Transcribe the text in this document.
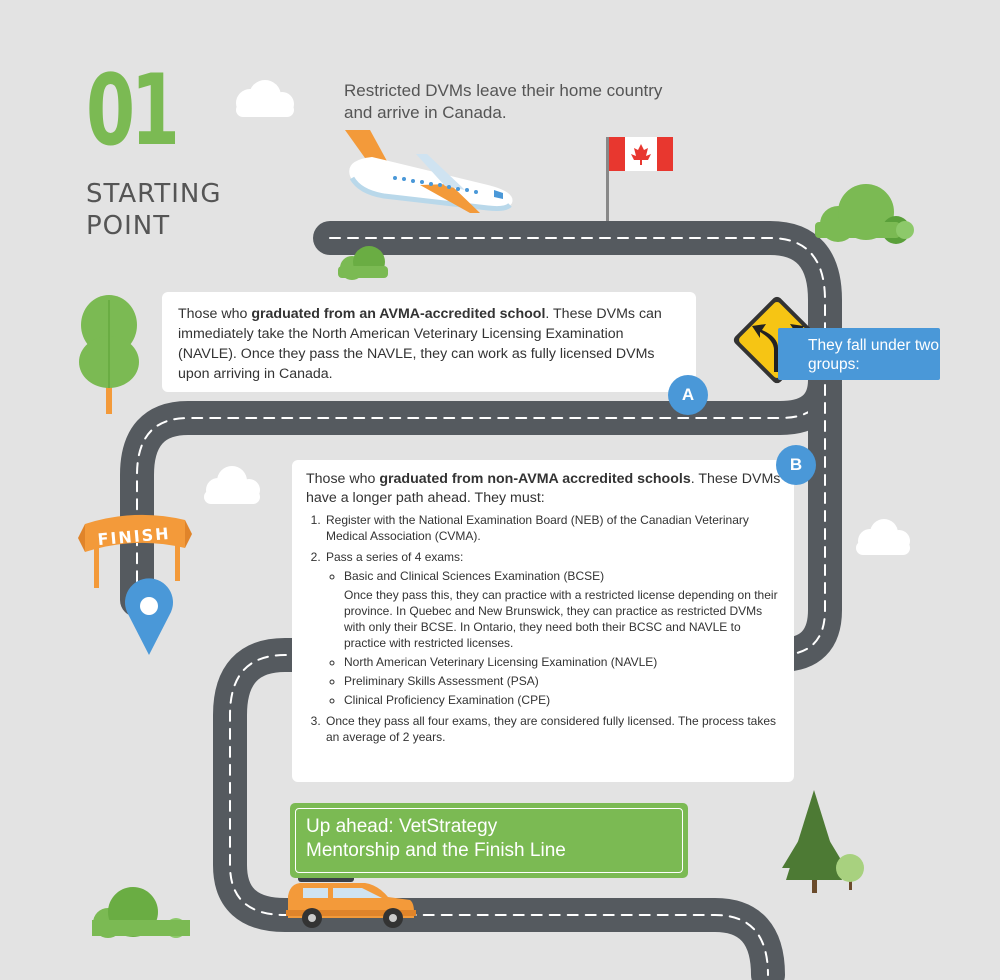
FINISH
01
STARTING
POINT
Restricted DVMs leave their home country and arrive in Canada.
Those who graduated from an AVMA-accredited school. These DVMs can immediately take the North American Veterinary Licensing Examination (NAVLE). Once they pass the NAVLE, they can work as fully licensed DVMs upon arriving in Canada.
A
They fall under two groups:

Those who graduated from non-AVMA accredited schools. These DVMs have a longer path ahead. They must:

1. Register with the National Examination Board (NEB) of the Canadian Veterinary Medical Association (CVMA).
2. Pass a series of 4 exams:
◦ Basic and Clinical Sciences Examination (BCSE)
Once they pass this, they can practice with a restricted license depending on their province. In Quebec and New Brunswick, they can practice as restricted DVMs with only their BCSE. In Ontario, they need both their BCSC and NAVLE to practice with restricted licenses.
◦ North American Veterinary Licensing Examination (NAVLE)
◦ Preliminary Skills Assessment (PSA)
◦ Clinical Proficiency Examination (CPE)
3. Once they pass all four exams, they are considered fully licensed. The process takes an average of 2 years.
B
Up ahead: VetStrategy
Mentorship and the Finish Line
